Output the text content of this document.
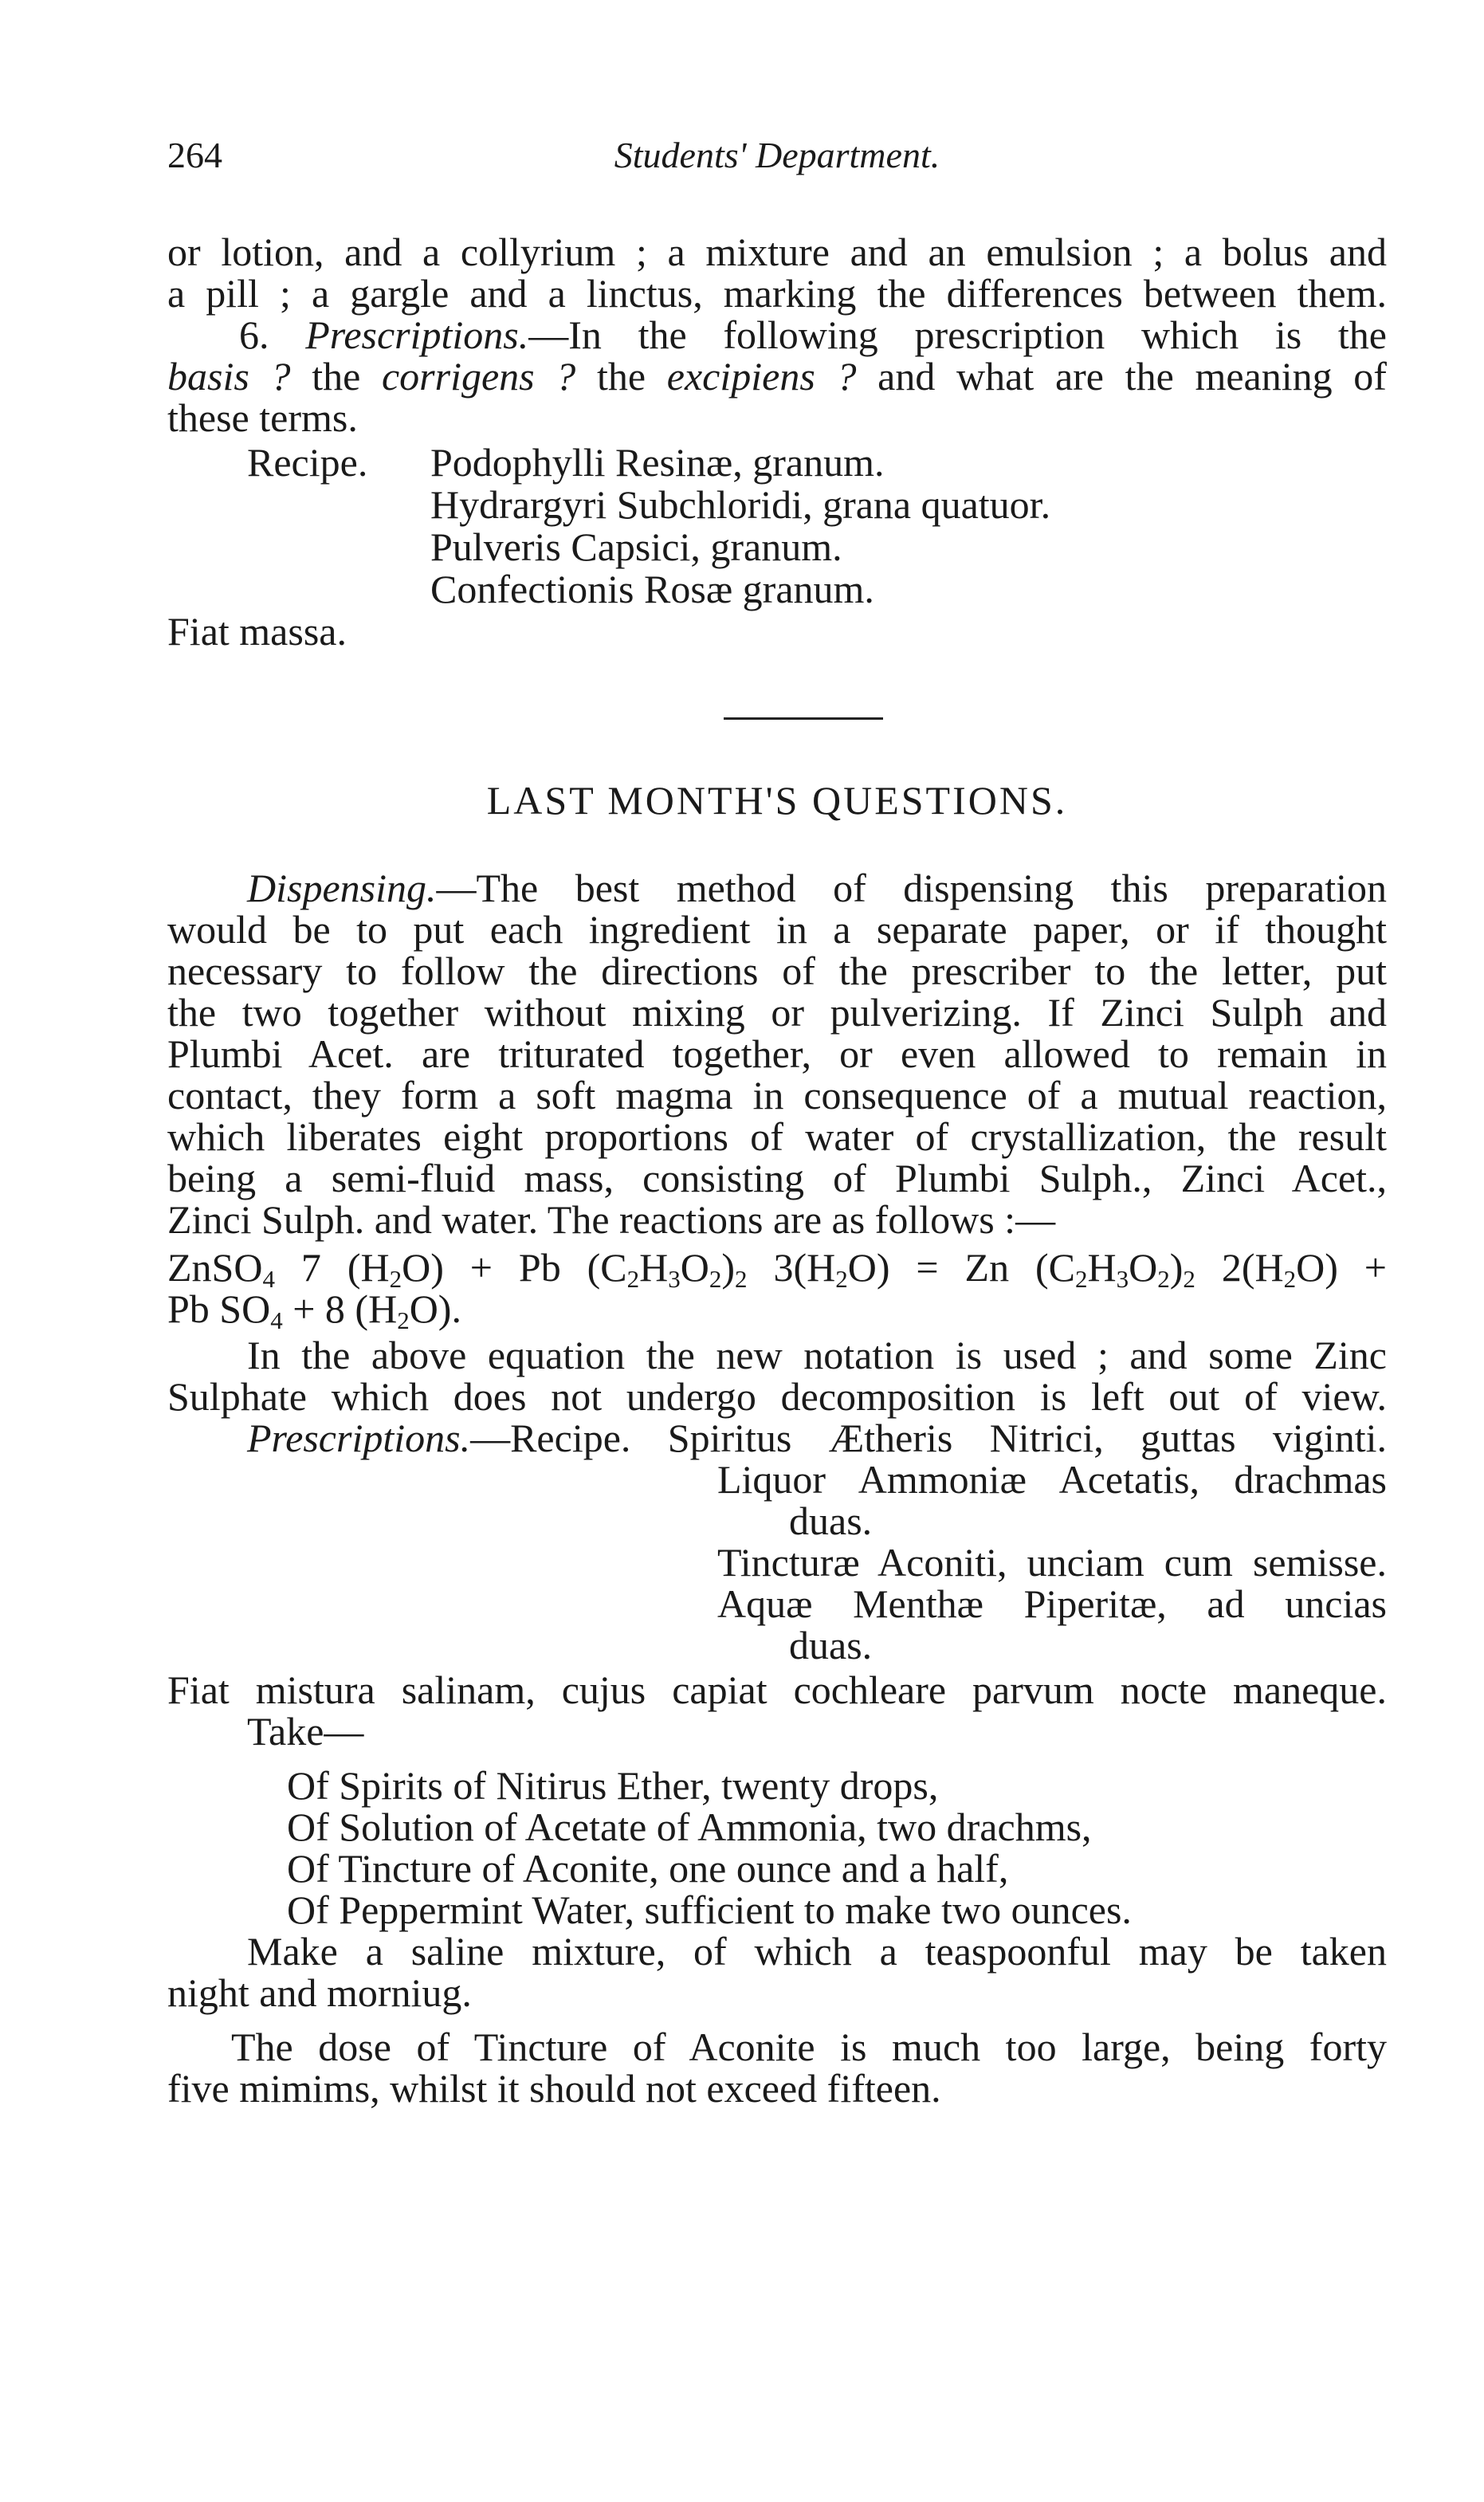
264	Students' Department.
or lotion, and a collyrium ; a mixture and an emulsion ; a bolus and
a pill ; a gargle and a linctus, marking the differences between them.
6. Prescriptions.—In the following prescription which is the
basis ? the corrigens ? the excipiens ? and what are the meaning of
these terms.
Recipe.	Podophylli Resinæ, granum.
Hydrargyri Subchloridi, grana quatuor.
Pulveris Capsici, granum.
Confectionis Rosæ granum.
Fiat massa.
LAST MONTH'S QUESTIONS.
Dispensing.—The best method of dispensing this preparation
would be to put each ingredient in a separate paper, or if thought
necessary to follow the directions of the prescriber to the letter, put
the two together without mixing or pulverizing. If Zinci Sulph and
Plumbi Acet. are triturated together, or even allowed to remain in
contact, they form a soft magma in consequence of a mutual reaction,
which liberates eight proportions of water of crystallization, the result
being a semi-fluid mass, consisting of Plumbi Sulph., Zinci Acet.,
Zinci Sulph. and water. The reactions are as follows :—
ZnSO$_4$ 7 $(H_2O) + Pb$ $(C_2H_3O_2)_2$ $3(H_2O) = Zn$ $(C_2H_3O_2)_2$ $2(H_2O)$ +
Pb $SO_4 + 8$ $(H_2O)$.
In the above equation the new notation is used ; and some Zinc
Sulphate which does not undergo decomposition is left out of view.
Prescriptions.—Recipe. Spiritus Ætheris Nitrici, guttas viginti.
Liquor Ammoniæ Acetatis, drachmas
duas.
Tincturæ Aconiti, unciam cum semisse.
Aquæ Menthæ Piperitæ, ad uncias
duas.
Fiat mistura salinam, cujus capiat cochleare parvum nocte maneque.
Take—
Of Spirits of Nitirus Ether, twenty drops,
Of Solution of Acetate of Ammonia, two drachms,
Of Tincture of Aconite, one ounce and a half,
Of Peppermint Water, sufficient to make two ounces.
Make a saline mixture, of which a teaspoonful may be taken
night and morniug.
The dose of Tincture of Aconite is much too large, being forty
five mimims, whilst it should not exceed fifteen.
